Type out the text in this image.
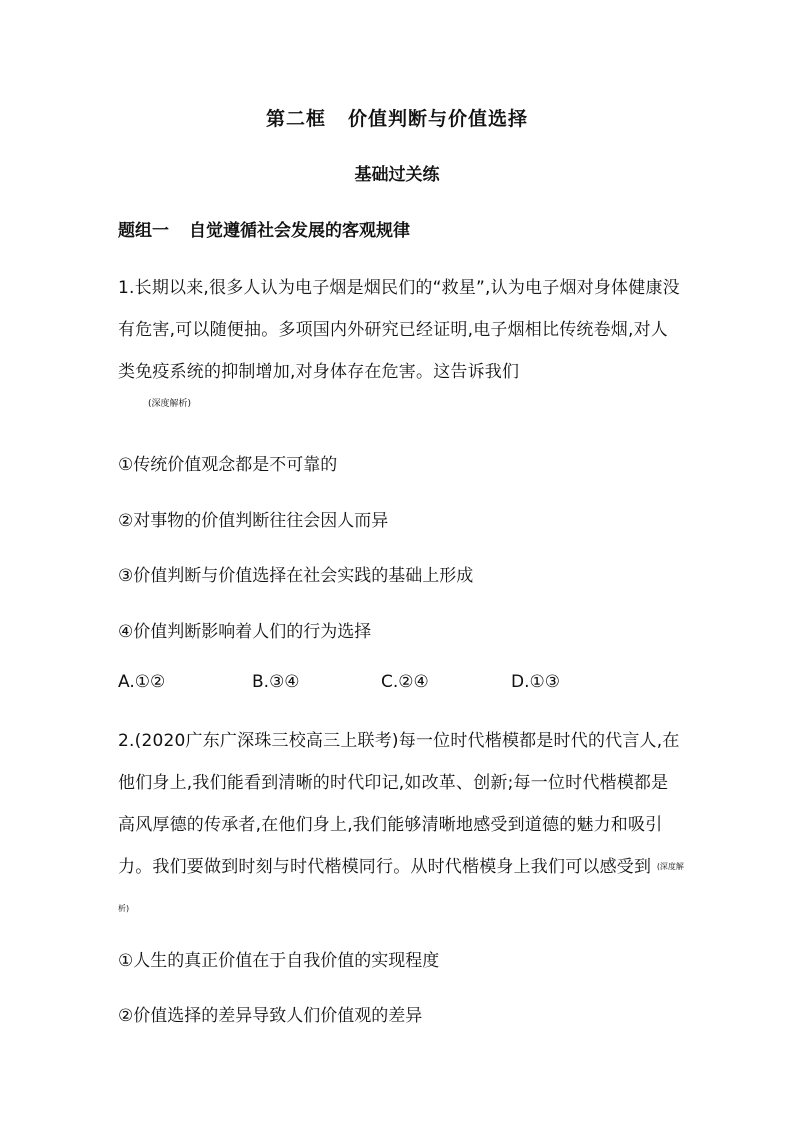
第二框 价值判断与价值选择
基础过关练
题组一 自觉遵循社会发展的客观规律
1.长期以来,很多人认为电子烟是烟民们的“救星”,认为电子烟对身体健康没有危害,可以随便抽。多项国内外研究已经证明,电子烟相比传统卷烟,对人类免疫系统的抑制增加,对身体存在危害。这告诉我们
(深度解析)
①传统价值观念都是不可靠的
②对事物的价值判断往往会因人而异
③价值判断与价值选择在社会实践的基础上形成
④价值判断影响着人们的行为选择
A.①②	B.③④	C.②④	D.①③
2.(2020广东广深珠三校高三上联考)每一位时代楷模都是时代的代言人,在他们身上,我们能看到清晰的时代印记,如改革、创新;每一位时代楷模都是高风厚德的传承者,在他们身上,我们能够清晰地感受到道德的魅力和吸引力。我们要做到时刻与时代楷模同行。从时代楷模身上我们可以感受到 (深度解析)
①人生的真正价值在于自我价值的实现程度
②价值选择的差异导致人们价值观的差异
